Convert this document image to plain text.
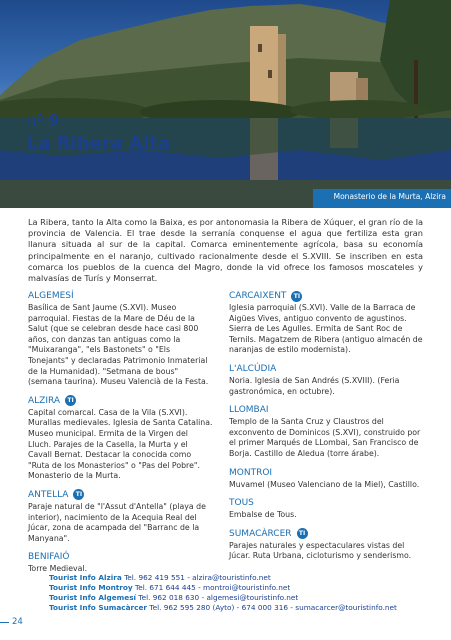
Monasterio de la Murta, Alzira
nº 9
La Ribera Alta

La Ribera, tanto la Alta como la Baixa, es por antonomasia la Ribera de Xúquer, el gran río de la provincia de Valencia. El trae desde la serranía conquense el agua que fertiliza esta gran llanura situada al sur de la capital. Comarca eminentemente agrícola, basa su economía principalmente en el naranjo, cultivado racionalmente desde el S.XVIII. Se inscriben en esta comarca los pueblos de la cuenca del Magro, donde la vid ofrece los famosos moscateles y malvasías de Turís y Monserrat.

ALGEMESÍ
Basílica de Sant Jaume (S.XVI). Museo parroquial. Fiestas de la Mare de Déu de la Salut (que se celebran desde hace casi 800 años, con danzas tan antiguas como la "Muixaranga", "els Bastonets" o "Els Tonejants" y declaradas Patrimonio Inmaterial de la Humanidad). "Setmana de bous" (semana taurina). Museu Valencià de la Festa.
ALZIRA	TI
Capital comarcal. Casa de la Vila (S.XVI). Murallas medievales. Iglesia de Santa Catalina. Museo municipal. Ermita de la Virgen del Lluch. Parajes de la Casella, la Murta y el Cavall Bernat. Destacar la conocida como "Ruta de los Monasterios" o "Pas del Pobre". Monasterio de la Murta.
ANTELLA	TI
Paraje natural de "l'Assut d'Antella" (playa de interior), nacimiento de la Acequia Real del Júcar, zona de acampada del "Barranc de la Manyana".
BENIFAIÓ
Torre Medieval.
CARCAIXENT	TI
Iglesia parroquial (S.XVI). Valle de la Barraca de Aigües Vives, antiguo convento de agustinos. Sierra de Les Agulles. Ermita de Sant Roc de Ternils. Magatzem de Ribera (antiguo almacén de naranjas de estilo modernista).
L'ALCÚDIA
Noria. Iglesia de San Andrés (S.XVIII). (Feria gastronómica, en octubre).
LLOMBAI
Templo de la Santa Cruz y Claustros del exconvento de Dominicos (S.XVI), construido por el primer Marqués de LLombai, San Francisco de Borja. Castillo de Aledua (torre árabe).
MONTROI
Muvamel (Museo Valenciano de la Miel), Castillo.
TOUS
Embalse de Tous.
SUMACÀRCER	TI
Parajes naturales y espectaculares vistas del Júcar. Ruta Urbana, cicloturismo y senderismo.
Tourist Info Alzira Tel. 962 419 551 - alzira@touristinfo.net
Tourist Info Montroy Tel. 671 644 445 - montroi@touristinfo.net
Tourist Info Algemesí Tel. 962 018 630 - algemesi@touristinfo.net
Tourist Info Sumacàrcer Tel. 962 595 280 (Ayto) - 674 000 316 - sumacarcer@touristinfo.net
24
